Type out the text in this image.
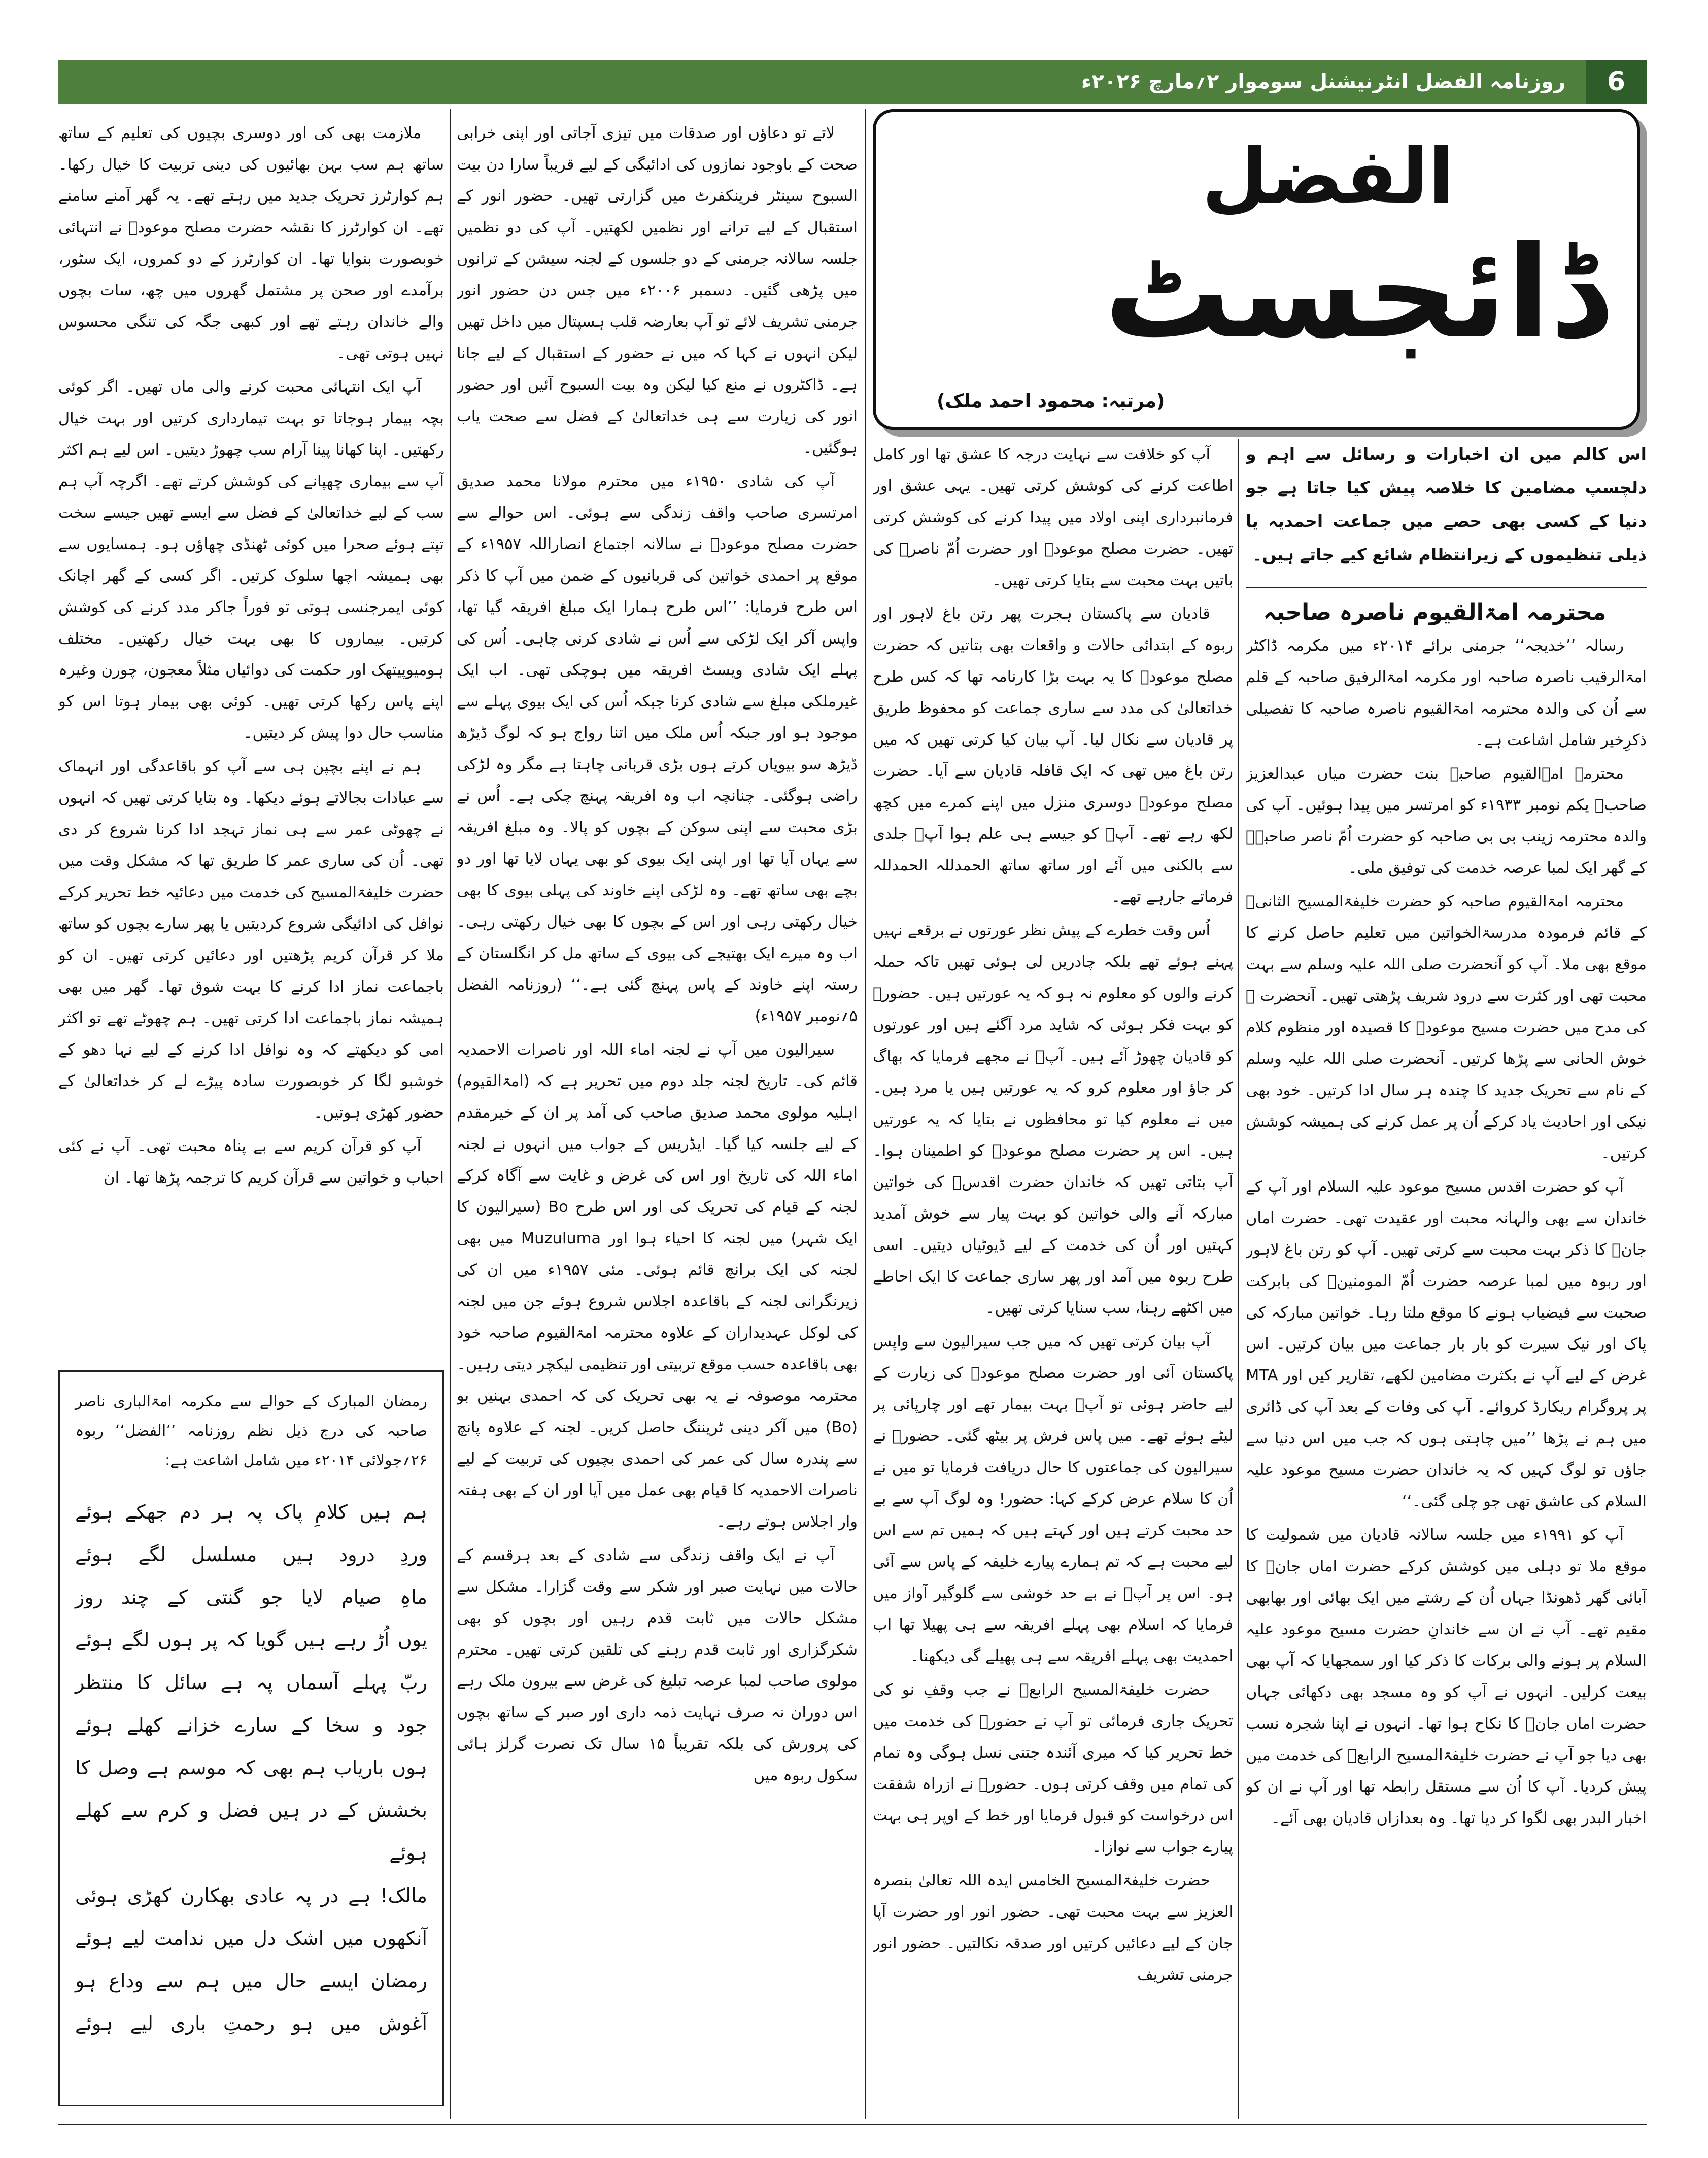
روزنامہ الفضل انٹرنیشنل سوموار ۲؍مارچ ۲۰۲۶ء	6
الفضل
ڈائجسٹ
(مرتبہ: محمود احمد ملک)

اس کالم میں ان اخبارات و رسائل سے اہم و دلچسپ مضامین کا خلاصہ پیش کیا جاتا ہے جو دنیا کے کسی بھی حصے میں جماعت احمدیہ یا ذیلی تنظیموں کے زیرانتظام شائع کیے جاتے ہیں۔

محترمہ امۃالقیوم ناصرہ صاحبہ

رسالہ ’’خدیجہ‘‘ جرمنی برائے ۲۰۱۴ء میں مکرمہ ڈاکٹر امۃالرقیب ناصرہ صاحبہ اور مکرمہ امۃالرفیق صاحبہ کے قلم سے اُن کی والدہ محترمہ امۃالقیوم ناصرہ صاحبہ کا تفصیلی ذکرِخیر شامل اشاعت ہے۔

محترمہ امۃالقیوم صاحبہ بنت حضرت میاں عبدالعزیز صاحبؓ یکم نومبر ۱۹۳۳ء کو امرتسر میں پیدا ہوئیں۔ آپ کی والدہ محترمہ زینب بی بی صاحبہ کو حضرت اُمّ ناصر صاحبہؓ کے گھر ایک لمبا عرصہ خدمت کی توفیق ملی۔

محترمہ امۃالقیوم صاحبہ کو حضرت خلیفۃالمسیح الثانیؓ کے قائم فرمودہ مدرسۃالخواتین میں تعلیم حاصل کرنے کا موقع بھی ملا۔ آپ کو آنحضرت صلی اللہ علیہ وسلم سے بہت محبت تھی اور کثرت سے درود شریف پڑھتی تھیں۔ آنحضرت ﷺ کی مدح میں حضرت مسیح موعودؑ کا قصیدہ اور منظوم کلام خوش الحانی سے پڑھا کرتیں۔ آنحضرت صلی اللہ علیہ وسلم کے نام سے تحریک جدید کا چندہ ہر سال ادا کرتیں۔ خود بھی نیکی اور احادیث یاد کرکے اُن پر عمل کرنے کی ہمیشہ کوشش کرتیں۔

آپ کو حضرت اقدس مسیح موعود علیہ السلام اور آپ کے خاندان سے بھی والہانہ محبت اور عقیدت تھی۔ حضرت اماں جانؓ کا ذکر بہت محبت سے کرتی تھیں۔ آپ کو رتن باغ لاہور اور ربوہ میں لمبا عرصہ حضرت اُمّ المومنینؓ کی بابرکت صحبت سے فیضیاب ہونے کا موقع ملتا رہا۔ خواتین مبارکہ کی پاک اور نیک سیرت کو بار بار جماعت میں بیان کرتیں۔ اس غرض کے لیے آپ نے بکثرت مضامین لکھے، تقاریر کیں اور MTA پر پروگرام ریکارڈ کروائے۔ آپ کی وفات کے بعد آپ کی ڈائری میں ہم نے پڑھا ’’میں چاہتی ہوں کہ جب میں اس دنیا سے جاؤں تو لوگ کہیں کہ یہ خاندان حضرت مسیح موعود علیہ السلام کی عاشق تھی جو چلی گئی۔‘‘

آپ کو ۱۹۹۱ء میں جلسہ سالانہ قادیان میں شمولیت کا موقع ملا تو دہلی میں کوشش کرکے حضرت اماں جانؓ کا آبائی گھر ڈھونڈا جہاں اُن کے رشتے میں ایک بھائی اور بھابھی مقیم تھے۔ آپ نے ان سے خاندانِ حضرت مسیح موعود علیہ السلام پر ہونے والی برکات کا ذکر کیا اور سمجھایا کہ آپ بھی بیعت کرلیں۔ انہوں نے آپ کو وہ مسجد بھی دکھائی جہاں حضرت اماں جانؓ کا نکاح ہوا تھا۔ انہوں نے اپنا شجرہ نسب بھی دیا جو آپ نے حضرت خلیفۃالمسیح الرابعؒ کی خدمت میں پیش کردیا۔ آپ کا اُن سے مستقل رابطہ تھا اور آپ نے ان کو اخبار البدر بھی لگوا کر دیا تھا۔ وہ بعدازاں قادیان بھی آئے۔

آپ کو خلافت سے نہایت درجہ کا عشق تھا اور کامل اطاعت کرنے کی کوشش کرتی تھیں۔ یہی عشق اور فرمانبرداری اپنی اولاد میں پیدا کرنے کی کوشش کرتی تھیں۔ حضرت مصلح موعودؓ اور حضرت اُمّ ناصرؓ کی باتیں بہت محبت سے بتایا کرتی تھیں۔

قادیان سے پاکستان ہجرت پھر رتن باغ لاہور اور ربوہ کے ابتدائی حالات و واقعات بھی بتاتیں کہ حضرت مصلح موعودؓ کا یہ بہت بڑا کارنامہ تھا کہ کس طرح خداتعالیٰ کی مدد سے ساری جماعت کو محفوظ طریق پر قادیان سے نکال لیا۔ آپ بیان کیا کرتی تھیں کہ میں رتن باغ میں تھی کہ ایک قافلہ قادیان سے آیا۔ حضرت مصلح موعودؓ دوسری منزل میں اپنے کمرے میں کچھ لکھ رہے تھے۔ آپؓ کو جیسے ہی علم ہوا آپؓ جلدی سے بالکنی میں آئے اور ساتھ ساتھ الحمدللہ الحمدللہ فرماتے جارہے تھے۔

اُس وقت خطرے کے پیش نظر عورتوں نے برقعے نہیں پہنے ہوئے تھے بلکہ چادریں لی ہوئی تھیں تاکہ حملہ کرنے والوں کو معلوم نہ ہو کہ یہ عورتیں ہیں۔ حضورؓ کو بہت فکر ہوئی کہ شاید مرد آگئے ہیں اور عورتوں کو قادیان چھوڑ آئے ہیں۔ آپؓ نے مجھے فرمایا کہ بھاگ کر جاؤ اور معلوم کرو کہ یہ عورتیں ہیں یا مرد ہیں۔ میں نے معلوم کیا تو محافظوں نے بتایا کہ یہ عورتیں ہیں۔ اس پر حضرت مصلح موعودؓ کو اطمینان ہوا۔ آپ بتاتی تھیں کہ خاندان حضرت اقدسؑ کی خواتین مبارکہ آنے والی خواتین کو بہت پیار سے خوش آمدید کہتیں اور اُن کی خدمت کے لیے ڈیوٹیاں دیتیں۔ اسی طرح ربوہ میں آمد اور پھر ساری جماعت کا ایک احاطے میں اکٹھے رہنا، سب سنایا کرتی تھیں۔

آپ بیان کرتی تھیں کہ میں جب سیرالیون سے واپس پاکستان آئی اور حضرت مصلح موعودؓ کی زیارت کے لیے حاضر ہوئی تو آپؓ بہت بیمار تھے اور چارپائی پر لیٹے ہوئے تھے۔ میں پاس فرش پر بیٹھ گئی۔ حضورؓ نے سیرالیون کی جماعتوں کا حال دریافت فرمایا تو میں نے اُن کا سلام عرض کرکے کہا: حضور! وہ لوگ آپ سے بے حد محبت کرتے ہیں اور کہتے ہیں کہ ہمیں تم سے اس لیے محبت ہے کہ تم ہمارے پیارے خلیفہ کے پاس سے آئی ہو۔ اس پر آپؓ نے بے حد خوشی سے گلوگیر آواز میں فرمایا کہ اسلام بھی پہلے افریقہ سے ہی پھیلا تھا اب احمدیت بھی پہلے افریقہ سے ہی پھیلے گی دیکھنا۔

حضرت خلیفۃالمسیح الرابعؒ نے جب وقفِ نو کی تحریک جاری فرمائی تو آپ نے حضورؒ کی خدمت میں خط تحریر کیا کہ میری آئندہ جتنی نسل ہوگی وہ تمام کی تمام میں وقف کرتی ہوں۔ حضورؒ نے ازراہ شفقت اس درخواست کو قبول فرمایا اور خط کے اوپر ہی بہت پیارے جواب سے نوازا۔

حضرت خلیفۃالمسیح الخامس ایدہ اللہ تعالیٰ بنصرہ العزیز سے بہت محبت تھی۔ حضور انور اور حضرت آپا جان کے لیے دعائیں کرتیں اور صدقہ نکالتیں۔ حضور انور جرمنی تشریف

لاتے تو دعاؤں اور صدقات میں تیزی آجاتی اور اپنی خرابی صحت کے باوجود نمازوں کی ادائیگی کے لیے قریباً سارا دن بیت السبوح سینٹر فرینکفرٹ میں گزارتی تھیں۔ حضور انور کے استقبال کے لیے ترانے اور نظمیں لکھتیں۔ آپ کی دو نظمیں جلسہ سالانہ جرمنی کے دو جلسوں کے لجنہ سیشن کے ترانوں میں پڑھی گئیں۔ دسمبر ۲۰۰۶ء میں جس دن حضور انور جرمنی تشریف لائے تو آپ بعارضہ قلب ہسپتال میں داخل تھیں لیکن انہوں نے کہا کہ میں نے حضور کے استقبال کے لیے جانا ہے۔ ڈاکٹروں نے منع کیا لیکن وہ بیت السبوح آئیں اور حضور انور کی زیارت سے ہی خداتعالیٰ کے فضل سے صحت یاب ہوگئیں۔

آپ کی شادی ۱۹۵۰ء میں محترم مولانا محمد صدیق امرتسری صاحب واقف زندگی سے ہوئی۔ اس حوالے سے حضرت مصلح موعودؓ نے سالانہ اجتماع انصاراللہ ۱۹۵۷ء کے موقع پر احمدی خواتین کی قربانیوں کے ضمن میں آپ کا ذکر اس طرح فرمایا: ’’اس طرح ہمارا ایک مبلغ افریقہ گیا تھا، واپس آکر ایک لڑکی سے اُس نے شادی کرنی چاہی۔ اُس کی پہلے ایک شادی ویسٹ افریقہ میں ہوچکی تھی۔ اب ایک غیرملکی مبلغ سے شادی کرنا جبکہ اُس کی ایک بیوی پہلے سے موجود ہو اور جبکہ اُس ملک میں اتنا رواج ہو کہ لوگ ڈیڑھ ڈیڑھ سو بیویاں کرتے ہوں بڑی قربانی چاہتا ہے مگر وہ لڑکی راضی ہوگئی۔ چنانچہ اب وہ افریقہ پہنچ چکی ہے۔ اُس نے بڑی محبت سے اپنی سوکن کے بچوں کو پالا۔ وہ مبلغ افریقہ سے یہاں آیا تھا اور اپنی ایک بیوی کو بھی یہاں لایا تھا اور دو بچے بھی ساتھ تھے۔ وہ لڑکی اپنے خاوند کی پہلی بیوی کا بھی خیال رکھتی رہی اور اس کے بچوں کا بھی خیال رکھتی رہی۔ اب وہ میرے ایک بھتیجے کی بیوی کے ساتھ مل کر انگلستان کے رستہ اپنے خاوند کے پاس پہنچ گئی ہے۔‘‘ (روزنامہ الفضل ۵؍نومبر ۱۹۵۷ء)

سیرالیون میں آپ نے لجنہ اماء اللہ اور ناصرات الاحمدیہ قائم کی۔ تاریخ لجنہ جلد دوم میں تحریر ہے کہ (امۃالقیوم) اہلیہ مولوی محمد صدیق صاحب کی آمد پر ان کے خیرمقدم کے لیے جلسہ کیا گیا۔ ایڈریس کے جواب میں انہوں نے لجنہ اماء اللہ کی تاریخ اور اس کی غرض و غایت سے آگاہ کرکے لجنہ کے قیام کی تحریک کی اور اس طرح Bo (سیرالیون کا ایک شہر) میں لجنہ کا احیاء ہوا اور Muzuluma میں بھی لجنہ کی ایک برانچ قائم ہوئی۔ مئی ۱۹۵۷ء میں ان کی زیرنگرانی لجنہ کے باقاعدہ اجلاس شروع ہوئے جن میں لجنہ کی لوکل عہدیداران کے علاوہ محترمہ امۃالقیوم صاحبہ خود بھی باقاعدہ حسب موقع تربیتی اور تنظیمی لیکچر دیتی رہیں۔ محترمہ موصوفہ نے یہ بھی تحریک کی کہ احمدی بہنیں بو (Bo) میں آکر دینی ٹریننگ حاصل کریں۔ لجنہ کے علاوہ پانچ سے پندرہ سال کی عمر کی احمدی بچیوں کی تربیت کے لیے ناصرات الاحمدیہ کا قیام بھی عمل میں آیا اور ان کے بھی ہفتہ وار اجلاس ہوتے رہے۔

آپ نے ایک واقف زندگی سے شادی کے بعد ہرقسم کے حالات میں نہایت صبر اور شکر سے وقت گزارا۔ مشکل سے مشکل حالات میں ثابت قدم رہیں اور بچوں کو بھی شکرگزاری اور ثابت قدم رہنے کی تلقین کرتی تھیں۔ محترم مولوی صاحب لمبا عرصہ تبلیغ کی غرض سے بیرون ملک رہے اس دوران نہ صرف نہایت ذمہ داری اور صبر کے ساتھ بچوں کی پرورش کی بلکہ تقریباً ۱۵ سال تک نصرت گرلز ہائی سکول ربوہ میں

ملازمت بھی کی اور دوسری بچیوں کی تعلیم کے ساتھ ساتھ ہم سب بہن بھائیوں کی دینی تربیت کا خیال رکھا۔ ہم کوارٹرز تحریک جدید میں رہتے تھے۔ یہ گھر آمنے سامنے تھے۔ ان کوارٹرز کا نقشہ حضرت مصلح موعودؓ نے انتہائی خوبصورت بنوایا تھا۔ ان کوارٹرز کے دو کمروں، ایک سٹور، برآمدے اور صحن پر مشتمل گھروں میں چھ، سات بچوں والے خاندان رہتے تھے اور کبھی جگہ کی تنگی محسوس نہیں ہوتی تھی۔

آپ ایک انتہائی محبت کرنے والی ماں تھیں۔ اگر کوئی بچہ بیمار ہوجاتا تو بہت تیمارداری کرتیں اور بہت خیال رکھتیں۔ اپنا کھانا پینا آرام سب چھوڑ دیتیں۔ اس لیے ہم اکثر آپ سے بیماری چھپانے کی کوشش کرتے تھے۔ اگرچہ آپ ہم سب کے لیے خداتعالیٰ کے فضل سے ایسے تھیں جیسے سخت تپتے ہوئے صحرا میں کوئی ٹھنڈی چھاؤں ہو۔ ہمسایوں سے بھی ہمیشہ اچھا سلوک کرتیں۔ اگر کسی کے گھر اچانک کوئی ایمرجنسی ہوتی تو فوراً جاکر مدد کرنے کی کوشش کرتیں۔ بیماروں کا بھی بہت خیال رکھتیں۔ مختلف ہومیوپیتھک اور حکمت کی دوائیاں مثلاً معجون، چورن وغیرہ اپنے پاس رکھا کرتی تھیں۔ کوئی بھی بیمار ہوتا اس کو مناسب حال دوا پیش کر دیتیں۔

ہم نے اپنے بچپن ہی سے آپ کو باقاعدگی اور انہماک سے عبادات بجالاتے ہوئے دیکھا۔ وہ بتایا کرتی تھیں کہ انہوں نے چھوٹی عمر سے ہی نماز تہجد ادا کرنا شروع کر دی تھی۔ اُن کی ساری عمر کا طریق تھا کہ مشکل وقت میں حضرت خلیفۃالمسیح کی خدمت میں دعائیہ خط تحریر کرکے نوافل کی ادائیگی شروع کردیتیں یا پھر سارے بچوں کو ساتھ ملا کر قرآن کریم پڑھتیں اور دعائیں کرتی تھیں۔ ان کو باجماعت نماز ادا کرنے کا بہت شوق تھا۔ گھر میں بھی ہمیشہ نماز باجماعت ادا کرتی تھیں۔ ہم چھوٹے تھے تو اکثر امی کو دیکھتے کہ وہ نوافل ادا کرنے کے لیے نہا دھو کے خوشبو لگا کر خوبصورت سادہ پیڑے لے کر خداتعالیٰ کے حضور کھڑی ہوتیں۔

آپ کو قرآن کریم سے بے پناہ محبت تھی۔ آپ نے کئی احباب و خواتین سے قرآن کریم کا ترجمہ پڑھا تھا۔ ان

رمضان المبارک کے حوالے سے مکرمہ امۃالباری ناصر صاحبہ کی درج ذیل نظم روزنامہ ’’الفضل‘‘ ربوہ ۲۶؍جولائی ۲۰۱۴ء میں شامل اشاعت ہے:

ہم ہیں کلامِ پاک پہ ہر دم جھکے ہوئے

وردِ درود ہیں مسلسل لگے ہوئے

ماہِ صیام لایا جو گنتی کے چند روز

یوں اُڑ رہے ہیں گویا کہ پر ہوں لگے ہوئے

ربّ پہلے آسماں پہ ہے سائل کا منتظر

جود و سخا کے سارے خزانے کھلے ہوئے

ہوں باریاب ہم بھی کہ موسم ہے وصل کا

بخشش کے در ہیں فضل و کرم سے کھلے ہوئے

مالک! ہے در پہ عادی بھکارن کھڑی ہوئی

آنکھوں میں اشک دل میں ندامت لیے ہوئے

رمضان ایسے حال میں ہم سے وداع ہو

آغوش میں ہو رحمتِ باری لیے ہوئے
